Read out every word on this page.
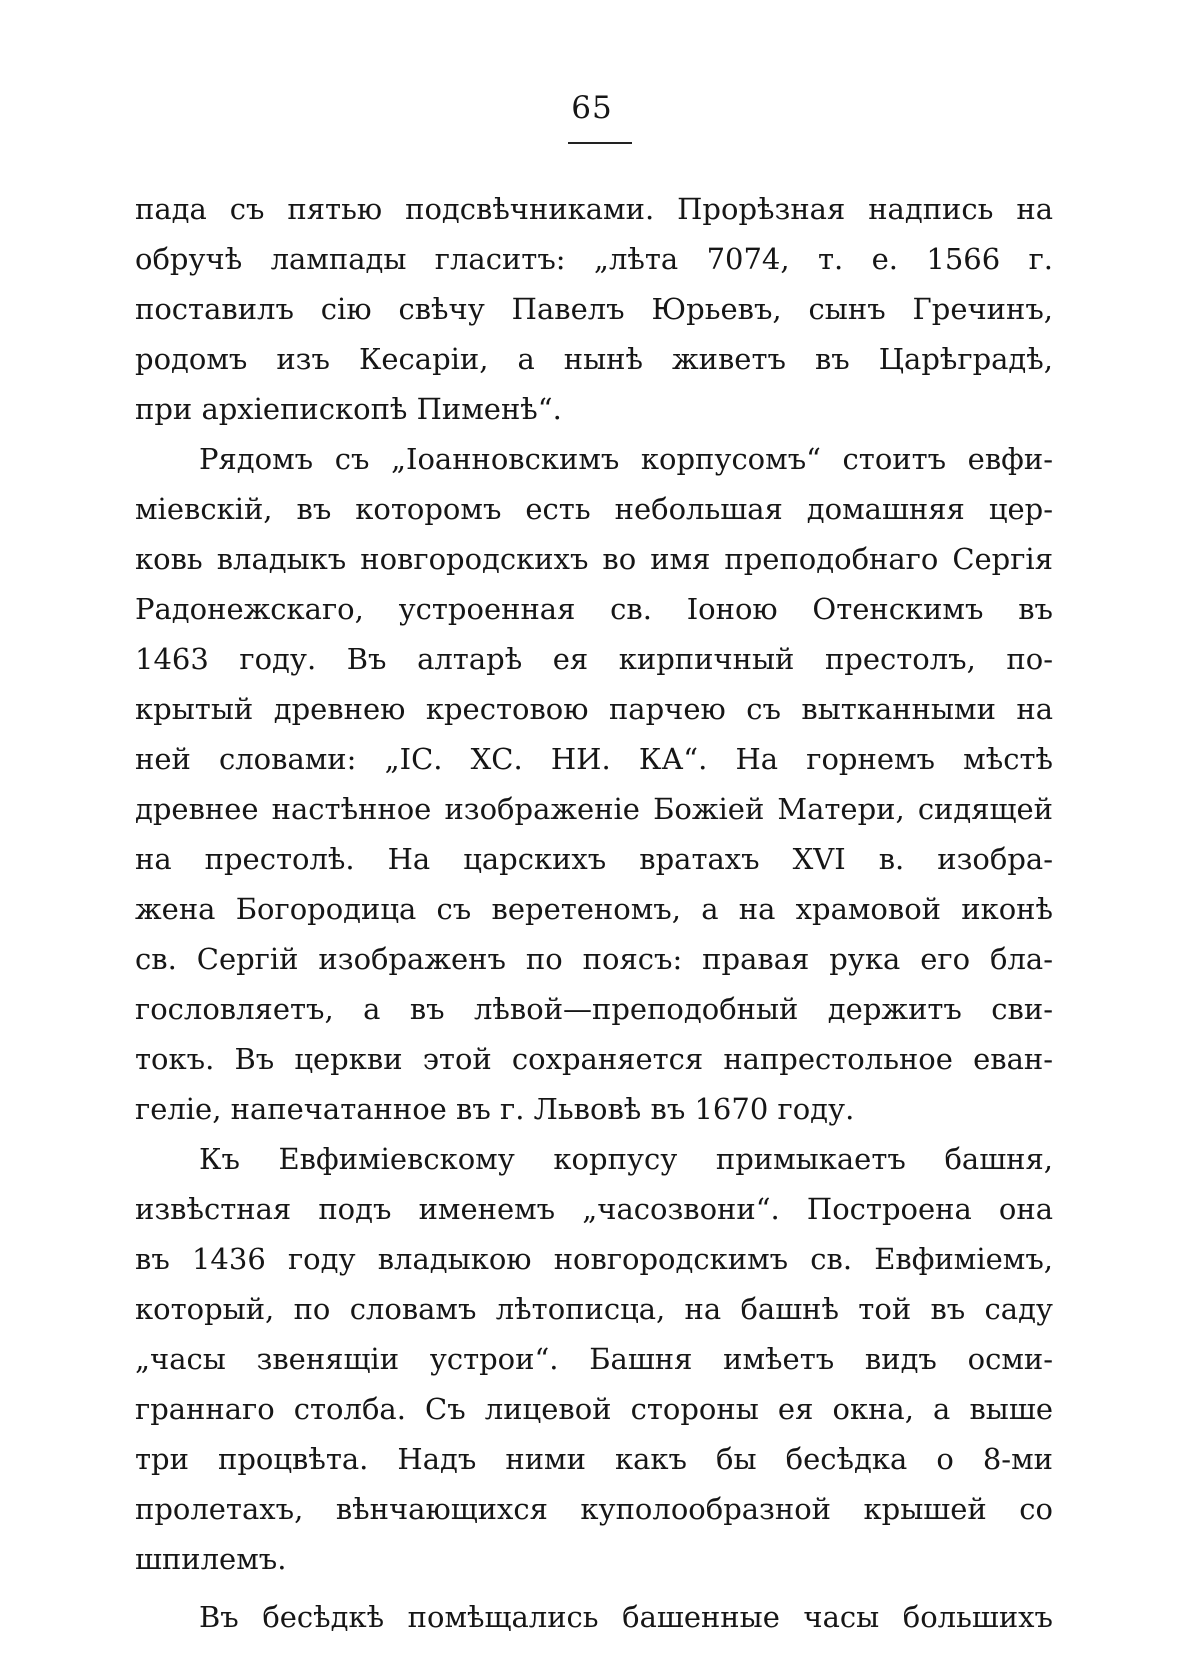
65
пада съ пятью подсвѣчниками. Прорѣзная надпись на
обручѣ лампады гласитъ: „лѣта 7074, т. е. 1566 г.
поставилъ сiю свѣчу Павелъ Юрьевъ, сынъ Гречинъ,
родомъ изъ Кесарiи, а нынѣ живетъ въ Царѣградѣ,
при архiепископѣ Пименѣ“.
Рядомъ съ „Iоанновскимъ корпусомъ“ стоитъ евфи-
мiевскiй, въ которомъ есть небольшая домашняя цер-
ковь владыкъ новгородскихъ во имя преподобнаго Сергiя
Радонежскаго, устроенная св. Iоною Отенскимъ въ
1463 году. Въ алтарѣ ея кирпичный престолъ, по-
крытый древнею крестовою парчею съ вытканными на
ней словами: „IС. ХС. НИ. КА“. На горнемъ мѣстѣ
древнее настѣнное изображенiе Божiей Матери, сидящей
на престолѣ. На царскихъ вратахъ XVI в. изобра-
жена Богородица съ веретеномъ, а на храмовой иконѣ
св. Сергiй изображенъ по поясъ: правая рука его бла-
гословляетъ, а въ лѣвой—преподобный держитъ сви-
токъ. Въ церкви этой сохраняется напрестольное еван-
гелiе, напечатанное въ г. Львовѣ въ 1670 году.
Къ Евфимiевскому корпусу примыкаетъ башня,
извѣстная подъ именемъ „часозвони“. Построена она
въ 1436 году владыкою новгородскимъ св. Евфимiемъ,
который, по словамъ лѣтописца, на башнѣ той въ саду
„часы звенящiи устрои“. Башня имѣетъ видъ осми-
граннаго столба. Съ лицевой стороны ея окна, а выше
три процвѣта. Надъ ними какъ бы бесѣдка о 8-ми
пролетахъ, вѣнчающихся куполообразной крышей со
шпилемъ.
Въ бесѣдкѣ помѣщались башенные часы большихъ
